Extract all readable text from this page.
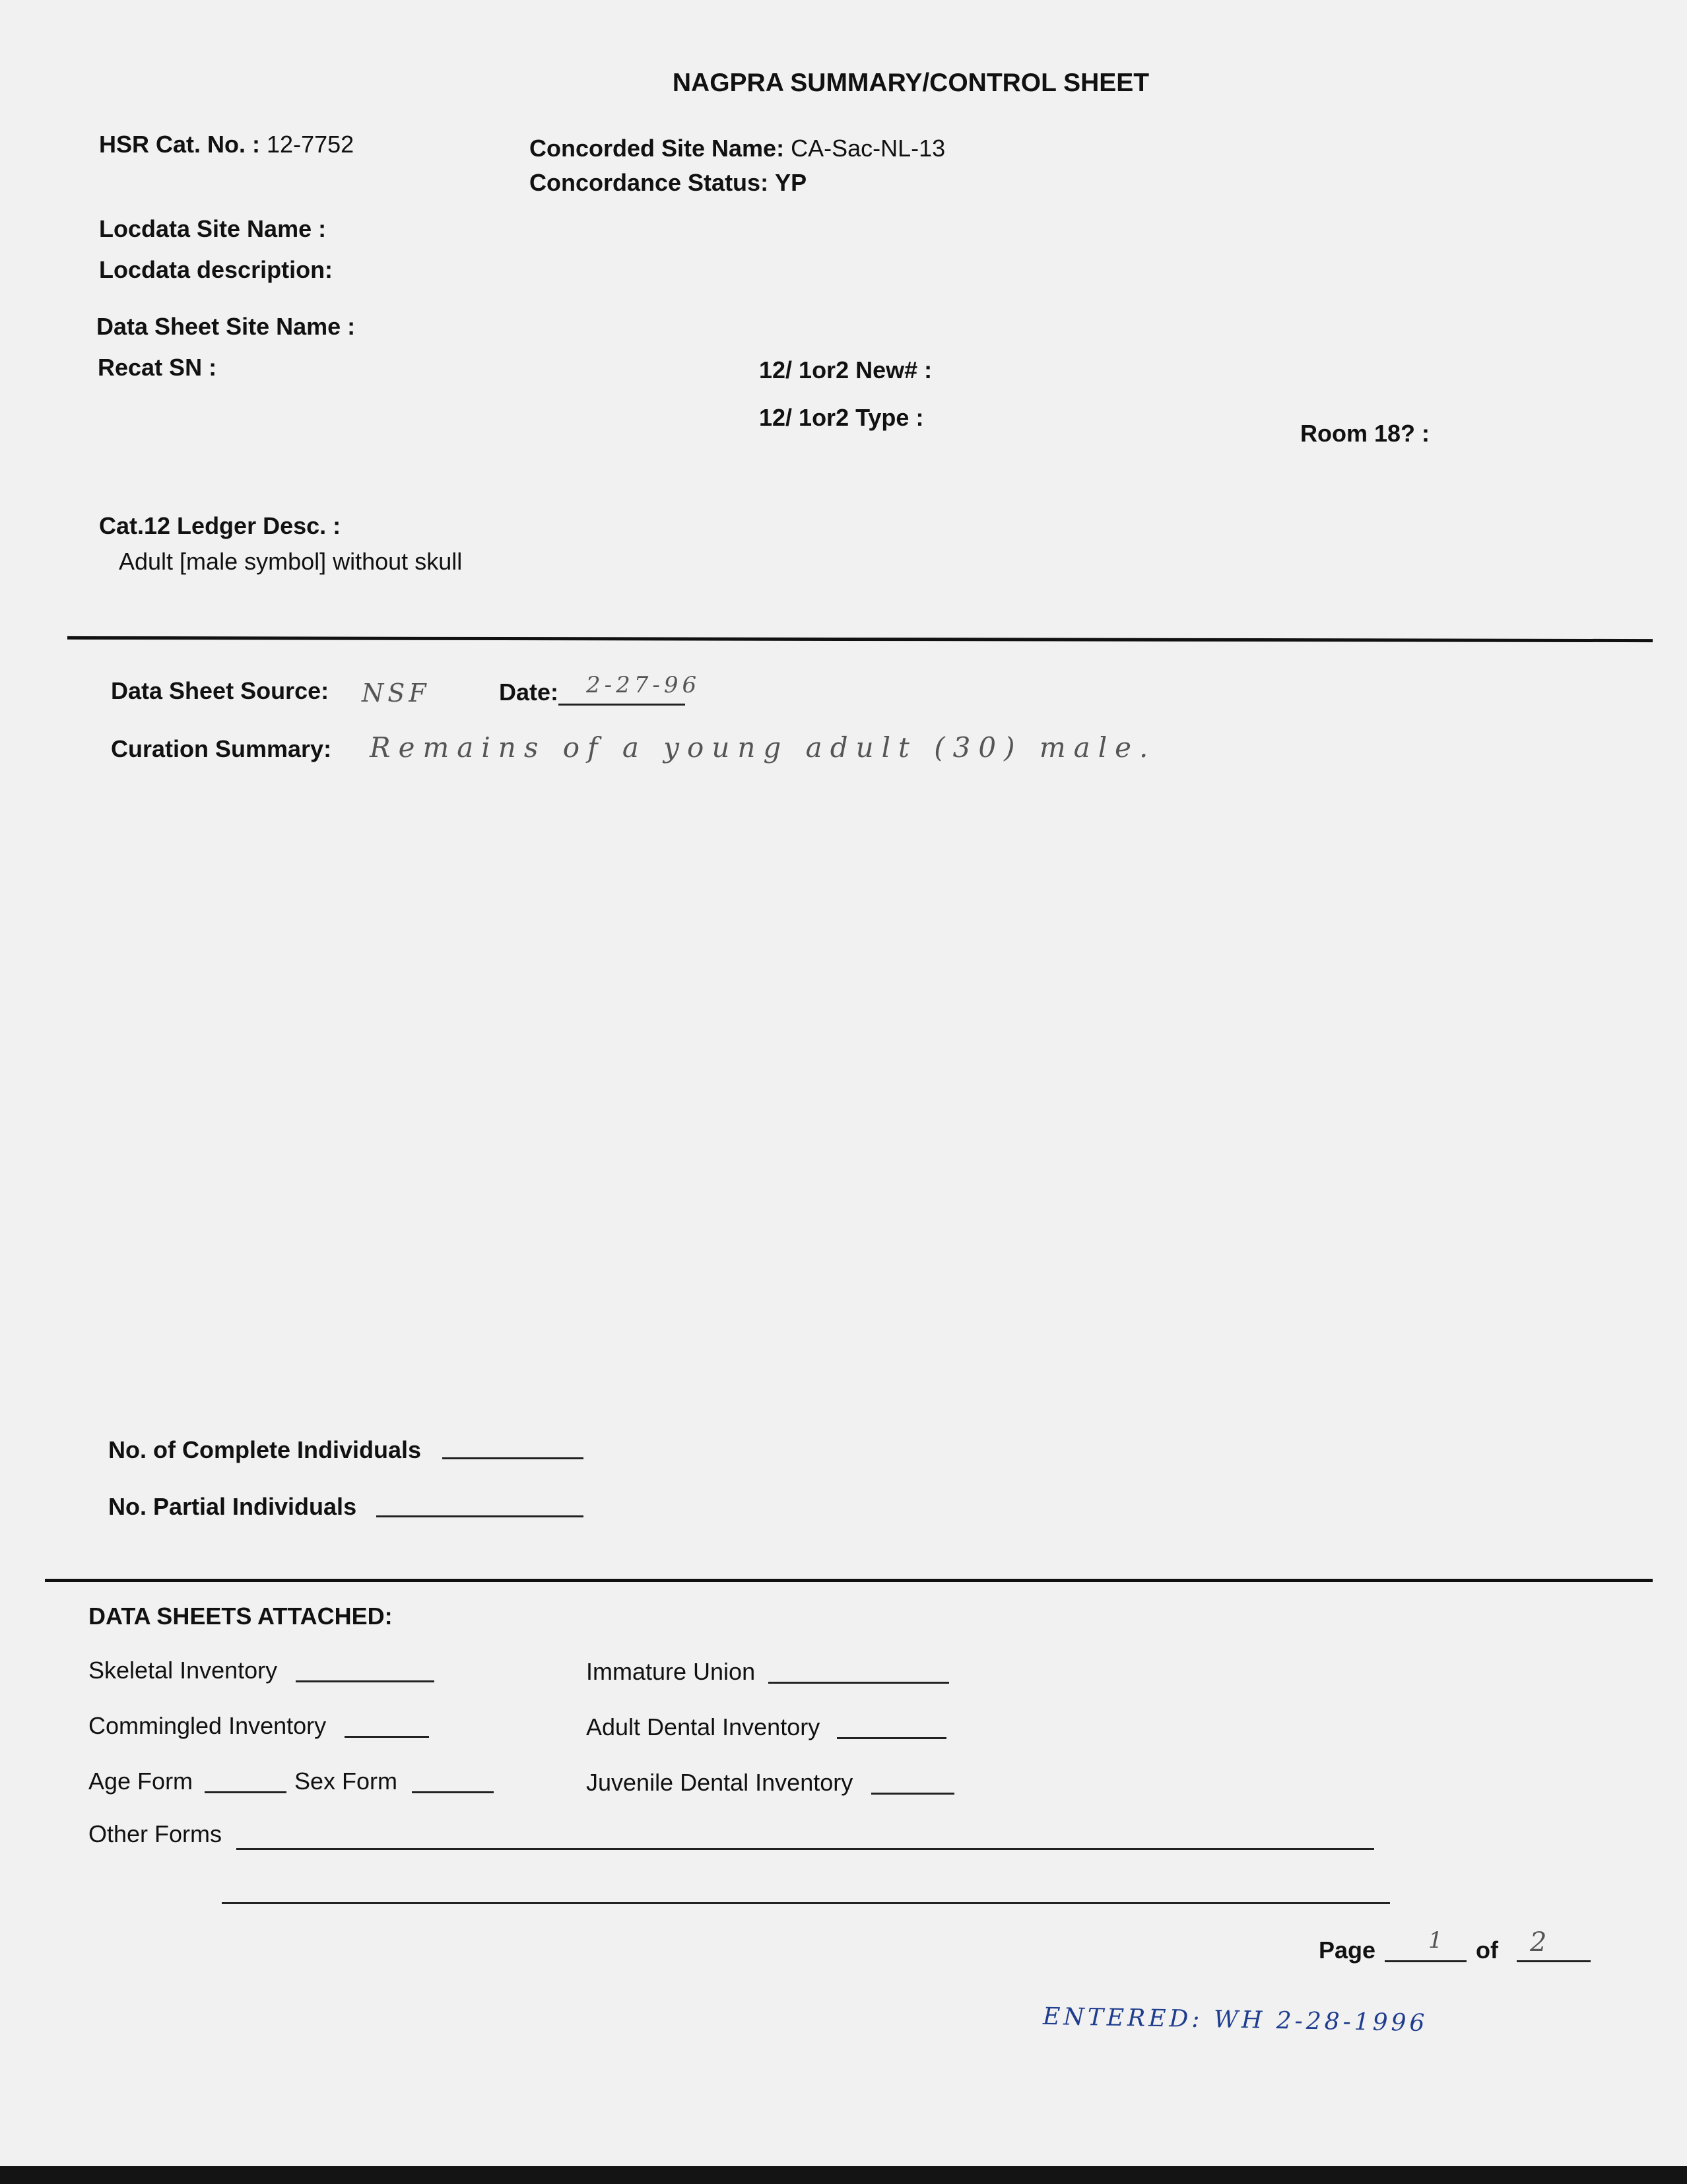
NAGPRA SUMMARY/CONTROL SHEET
HSR Cat. No. : 12-7752	Concorded Site Name: CA-Sac-NL-13
Concordance Status: YP
Locdata Site Name :
Locdata description:
Data Sheet Site Name :
Recat SN :	12/ 1or2 New# :
12/ 1or2 Type :
Room 18? :
Cat.12 Ledger Desc. :
Adult [male symbol] without skull
Data Sheet Source: NSF	Date: 2-27-96
Curation Summary: Remains of a young adult (30) male.
No. of Complete Individuals
No. Partial Individuals
DATA SHEETS ATTACHED:
Skeletal Inventory	Immature Union
Commingled Inventory	Adult Dental Inventory
Age Form	Sex Form	Juvenile Dental Inventory
Other Forms
Page 1 of 2
ENTERED: WH 2-28-1996
